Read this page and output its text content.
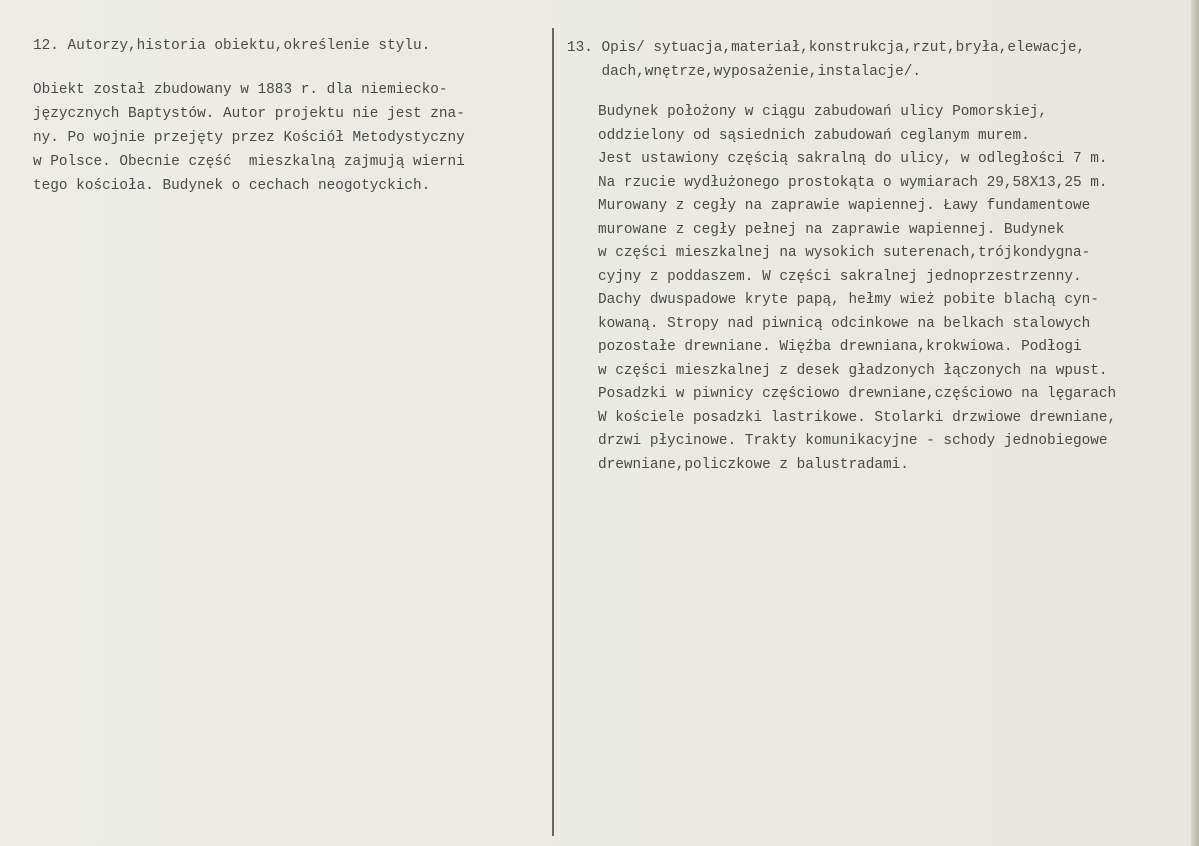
12. Autorzy,historia obiektu,określenie stylu.
Obiekt został zbudowany w 1883 r. dla niemiecko-
języcznych Baptystów. Autor projektu nie jest zna-
ny. Po wojnie przejęty przez Kościół Metodystyczny
w Polsce. Obecnie część  mieszkalną zajmują wierni
tego kościoła. Budynek o cechach neogotyckich.
13. Opis/ sytuacja,materiał,konstrukcja,rzut,bryła,elewacje,
dach,wnętrze,wyposażenie,instalacje/.
Budynek położony w ciągu zabudowań ulicy Pomorskiej,
oddzielony od sąsiednich zabudowań ceglanym murem.
Jest ustawiony częścią sakralną do ulicy, w odległości 7 m.
Na rzucie wydłużonego prostokąta o wymiarach 29,58X13,25 m.
Murowany z cegły na zaprawie wapiennej. Ławy fundamentowe
murowane z cegły pełnej na zaprawie wapiennej. Budynek
w części mieszkalnej na wysokich suterenach,trójkondygna-
cyjny z poddaszem. W części sakralnej jednoprzestrzenny.
Dachy dwuspadowe kryte papą, hełmy wież pobite blachą cyn-
kowaną. Stropy nad piwnicą odcinkowe na belkach stalowych
pozostałe drewniane. Więźba drewniana,krokwiowa. Podłogi
w części mieszkalnej z desek gładzonych łączonych na wpust.
Posadzki w piwnicy częściowo drewniane,częściowo na lęgarach
W kościele posadzki lastrikowe. Stolarki drzwiowe drewniane,
drzwi płycinowe. Trakty komunikacyjne - schody jednobiegowe
drewniane,policzkowe z balustradami.
